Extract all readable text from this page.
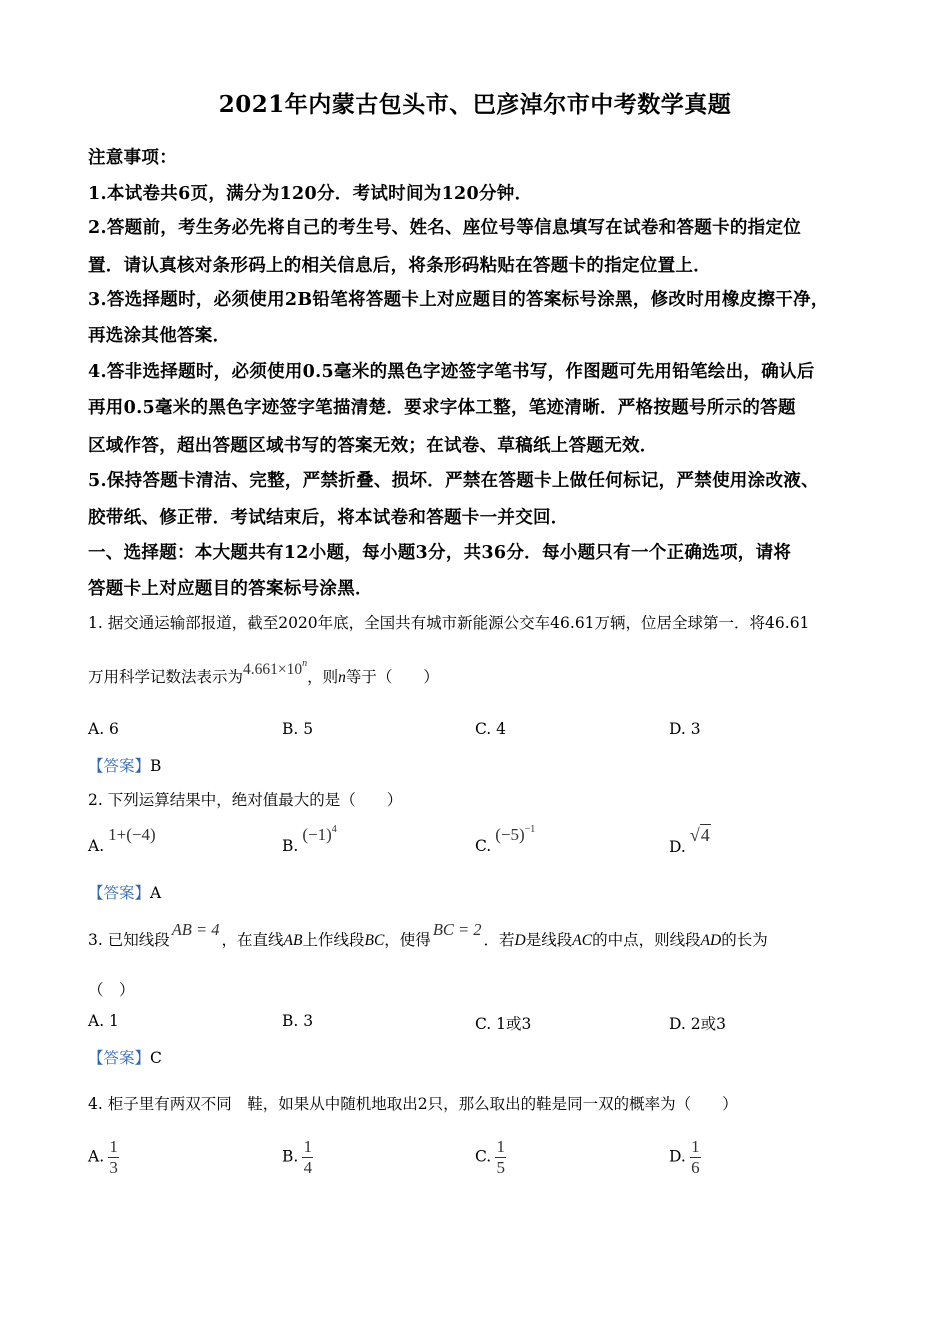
2021年内蒙古包头市、巴彦淖尔市中考数学真题
注意事项：
1.本试卷共6页，满分为120分．考试时间为120分钟．
2.答题前，考生务必先将自己的考生号、姓名、座位号等信息填写在试卷和答题卡的指定位
置．请认真核对条形码上的相关信息后，将条形码粘贴在答题卡的指定位置上．
3.答选择题时，必须使用2B铅笔将答题卡上对应题目的答案标号涂黑，修改时用橡皮擦干净，
再选涂其他答案．
4.答非选择题时，必须使用0.5毫米的黑色字迹签字笔书写，作图题可先用铅笔绘出，确认后
再用0.5毫米的黑色字迹签字笔描清楚．要求字体工整，笔迹清晰．严格按题号所示的答题
区域作答，超出答题区域书写的答案无效；在试卷、草稿纸上答题无效．
5.保持答题卡清洁、完整，严禁折叠、损坏．严禁在答题卡上做任何标记，严禁使用涂改液、
胶带纸、修正带．考试结束后，将本试卷和答题卡一并交回．
一、选择题：本大题共有12小题，每小题3分，共36分．每小题只有一个正确选项，请将
答题卡上对应题目的答案标号涂黑．
1. 据交通运输部报道，截至2020年底，全国共有城市新能源公交车46.61万辆，位居全球第一．将46.61
万用科学记数法表示为$4.661\times 10^n$，则n等于（　　）
A. 6	B. 5	C. 4	D. 3
【答案】B
2. 下列运算结果中，绝对值最大的是（　　）
A.1+(−4)
$B.(-1)^4$
$C.(-5)^{-1}$
D.√4
【答案】A
3. 已知线段AB = 4，在直线AB上作线段BC，使得BC = 2．若D是线段AC的中点，则线段AD的长为
（　）
A. 1	B. 3	C. 1或3	D. 2或3
【答案】C
4. 柜子里有两双不同　鞋，如果从中随机地取出2只，那么取出的鞋是同一双的概率为（　　）
A. $\frac{1}{3}$	B. $\frac{1}{4}$	C. $\frac{1}{5}$	D. $\frac{1}{6}$
